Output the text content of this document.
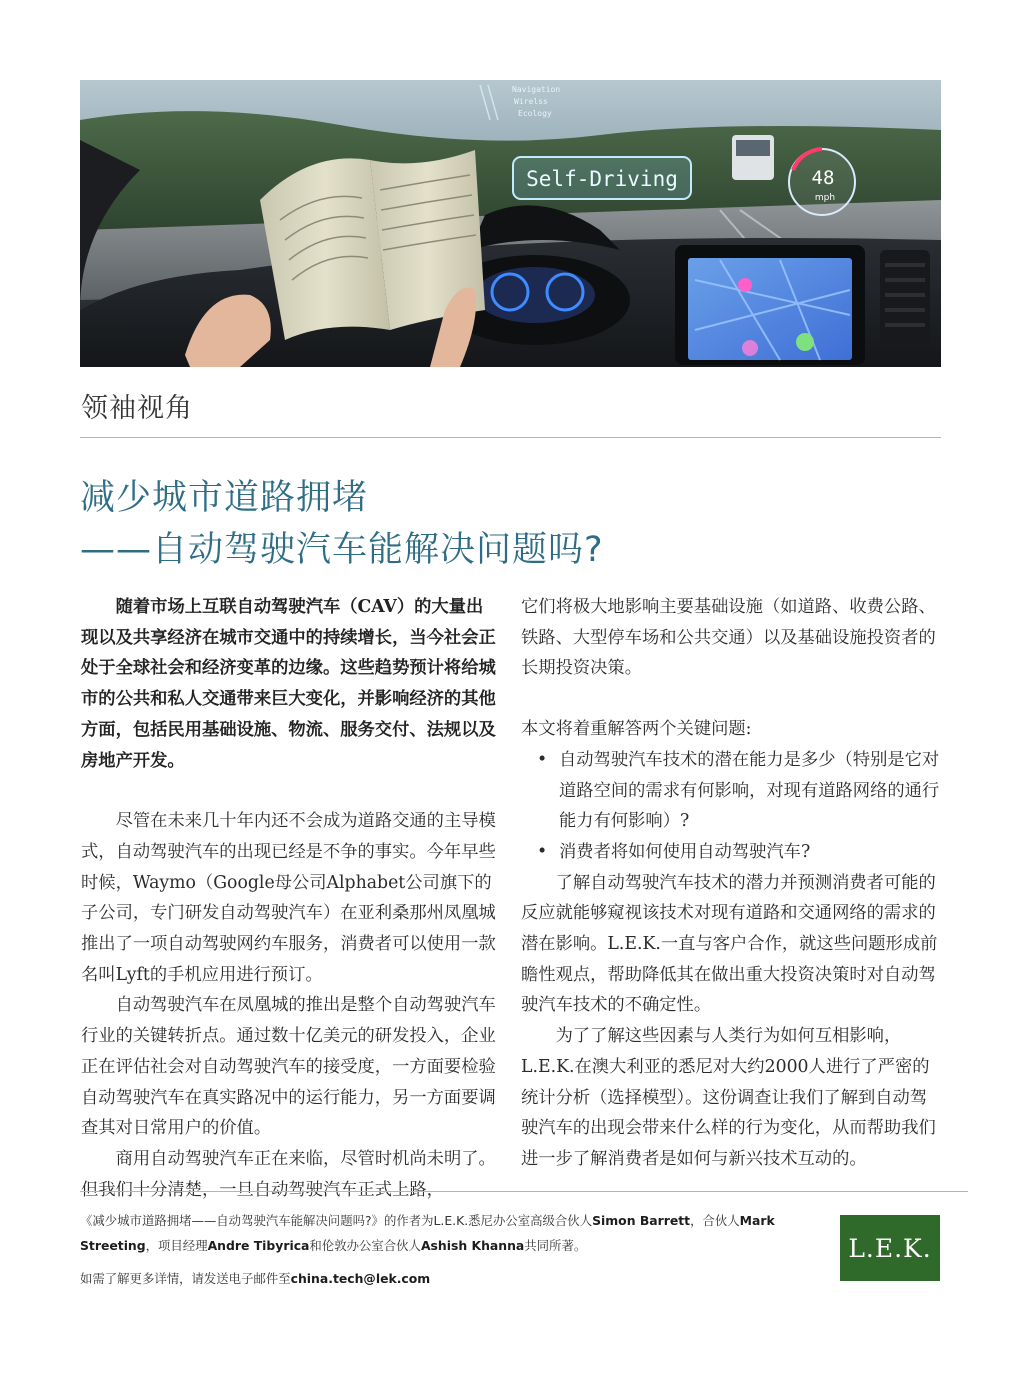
Self-Driving	48
mph
Navigation
Wirelss
Ecology
领袖视角
减少城市道路拥堵
——自动驾驶汽车能解决问题吗?

随着市场上互联自动驾驶汽车（CAV）的大量出现以及共享经济在城市交通中的持续增长，当今社会正处于全球社会和经济变革的边缘。这些趋势预计将给城市的公共和私人交通带来巨大变化，并影响经济的其他方面，包括民用基础设施、物流、服务交付、法规以及房地产开发。

尽管在未来几十年内还不会成为道路交通的主导模式，自动驾驶汽车的出现已经是不争的事实。今年早些时候，Waymo（Google母公司Alphabet公司旗下的子公司，专门研发自动驾驶汽车）在亚利桑那州凤凰城推出了一项自动驾驶网约车服务，消费者可以使用一款名叫Lyft的手机应用进行预订。

自动驾驶汽车在凤凰城的推出是整个自动驾驶汽车行业的关键转折点。通过数十亿美元的研发投入，企业正在评估社会对自动驾驶汽车的接受度，一方面要检验自动驾驶汽车在真实路况中的运行能力，另一方面要调查其对日常用户的价值。

商用自动驾驶汽车正在来临，尽管时机尚未明了。但我们十分清楚，一旦自动驾驶汽车正式上路，

它们将极大地影响主要基础设施（如道路、收费公路、铁路、大型停车场和公共交通）以及基础设施投资者的长期投资决策。

本文将着重解答两个关键问题:

• 自动驾驶汽车技术的潜在能力是多少（特别是它对道路空间的需求有何影响，对现有道路网络的通行能力有何影响）?
• 消费者将如何使用自动驾驶汽车?

了解自动驾驶汽车技术的潜力并预测消费者可能的反应就能够窥视该技术对现有道路和交通网络的需求的潜在影响。L.E.K.一直与客户合作，就这些问题形成前瞻性观点，帮助降低其在做出重大投资决策时对自动驾驶汽车技术的不确定性。

为了了解这些因素与人类行为如何互相影响，L.E.K.在澳大利亚的悉尼对大约2000人进行了严密的统计分析（选择模型）。这份调查让我们了解到自动驾驶汽车的出现会带来什么样的行为变化，从而帮助我们进一步了解消费者是如何与新兴技术互动的。

《减少城市道路拥堵——自动驾驶汽车能解决问题吗?》的作者为L.E.K.悉尼办公室高级合伙人Simon Barrett，合伙人Mark Streeting，项目经理Andre Tibyrica和伦敦办公室合伙人Ashish Khanna共同所著。

如需了解更多详情，请发送电子邮件至china.tech@lek.com

L.E.K.
